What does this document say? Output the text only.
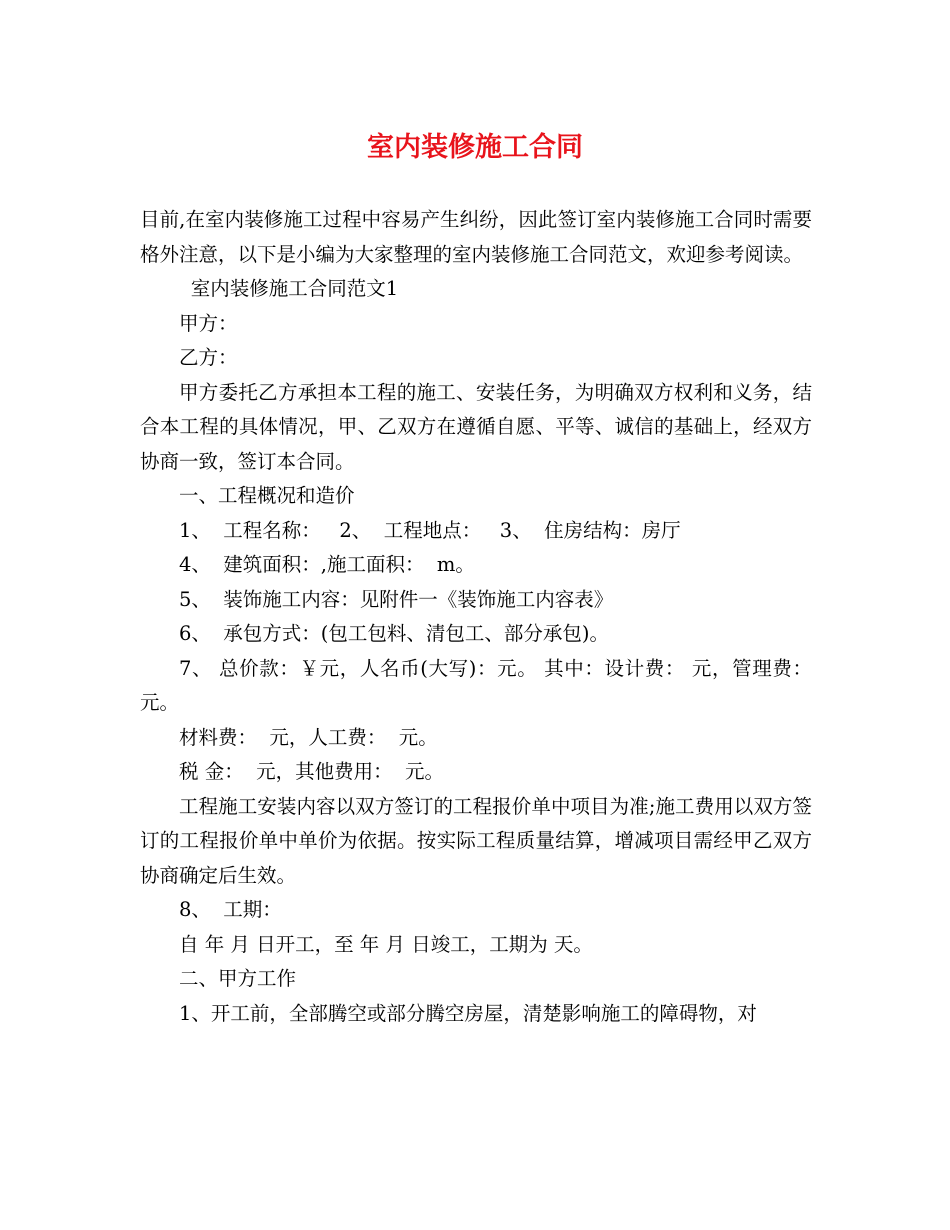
室内装修施工合同

目前,在室内装修施工过程中容易产生纠纷，因此签订室内装修施工合同时需要格外注意，以下是小编为大家整理的室内装修施工合同范文，欢迎参考阅读。

室内装修施工合同范文1

甲方：

乙方：

甲方委托乙方承担本工程的施工、安装任务，为明确双方权利和义务，结合本工程的具体情况，甲、乙双方在遵循自愿、平等、诚信的基础上，经双方协商一致，签订本合同。

一、工程概况和造价

1、  工程名称：   2、  工程地点：   3、  住房结构：房厅

4、  建筑面积：,施工面积：  m。

5、  装饰施工内容：见附件一《装饰施工内容表》

6、  承包方式：(包工包料、清包工、部分承包)。

7、 总价款：￥元，人名币(大写)：元。 其中：设计费： 元，管理费： 元。

材料费：  元，人工费：  元。

税 金：  元，其他费用：  元。

工程施工安装内容以双方签订的工程报价单中项目为准;施工费用以双方签订的工程报价单中单价为依据。按实际工程质量结算，增减项目需经甲乙双方协商确定后生效。

8、  工期：

自 年 月 日开工，至 年 月 日竣工，工期为 天。

二、甲方工作

1、开工前，全部腾空或部分腾空房屋，清楚影响施工的障碍物，对
